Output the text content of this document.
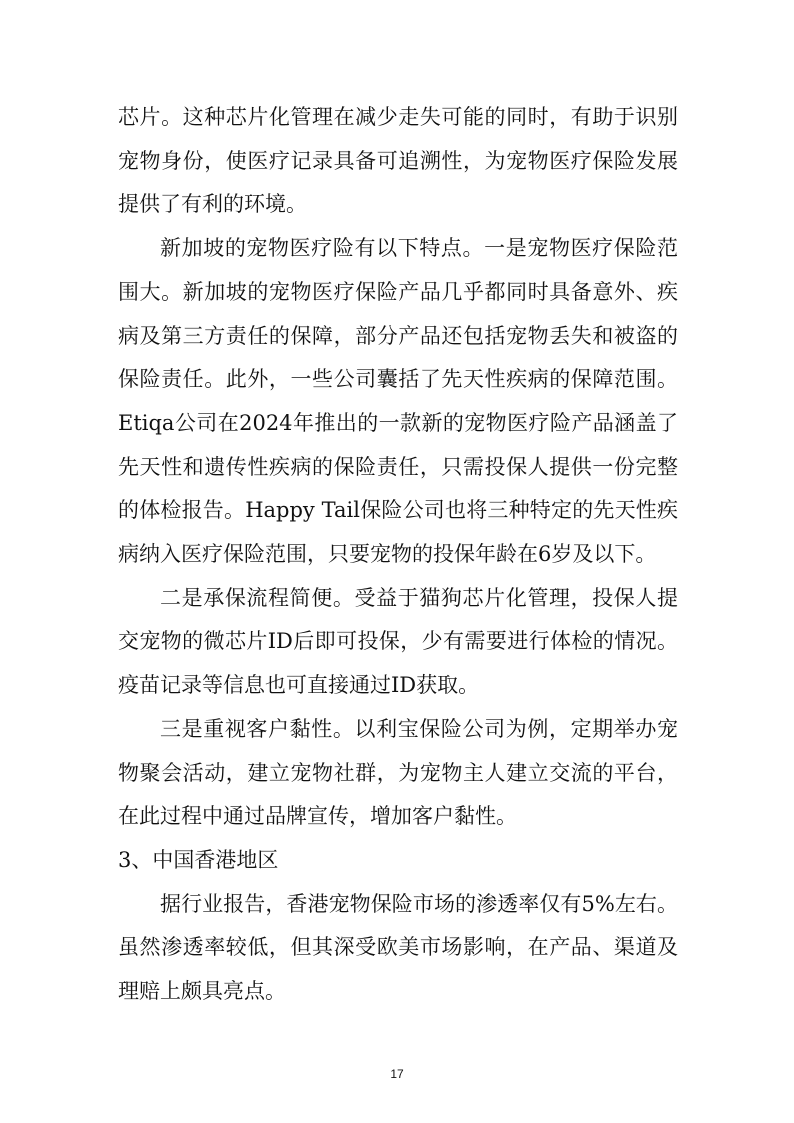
芯片。这种芯片化管理在减少走失可能的同时，有助于识别宠物身份，使医疗记录具备可追溯性，为宠物医疗保险发展提供了有利的环境。

新加坡的宠物医疗险有以下特点。一是宠物医疗保险范围大。新加坡的宠物医疗保险产品几乎都同时具备意外、疾病及第三方责任的保障，部分产品还包括宠物丢失和被盗的保险责任。此外，一些公司囊括了先天性疾病的保障范围。Etiqa公司在2024年推出的一款新的宠物医疗险产品涵盖了先天性和遗传性疾病的保险责任，只需投保人提供一份完整的体检报告。Happy Tail保险公司也将三种特定的先天性疾病纳入医疗保险范围，只要宠物的投保年龄在6岁及以下。

二是承保流程简便。受益于猫狗芯片化管理，投保人提交宠物的微芯片ID后即可投保，少有需要进行体检的情况。疫苗记录等信息也可直接通过ID获取。

三是重视客户黏性。以利宝保险公司为例，定期举办宠物聚会活动，建立宠物社群，为宠物主人建立交流的平台，在此过程中通过品牌宣传，增加客户黏性。

3、中国香港地区

据行业报告，香港宠物保险市场的渗透率仅有5%左右。虽然渗透率较低，但其深受欧美市场影响，在产品、渠道及理赔上颇具亮点。

17
